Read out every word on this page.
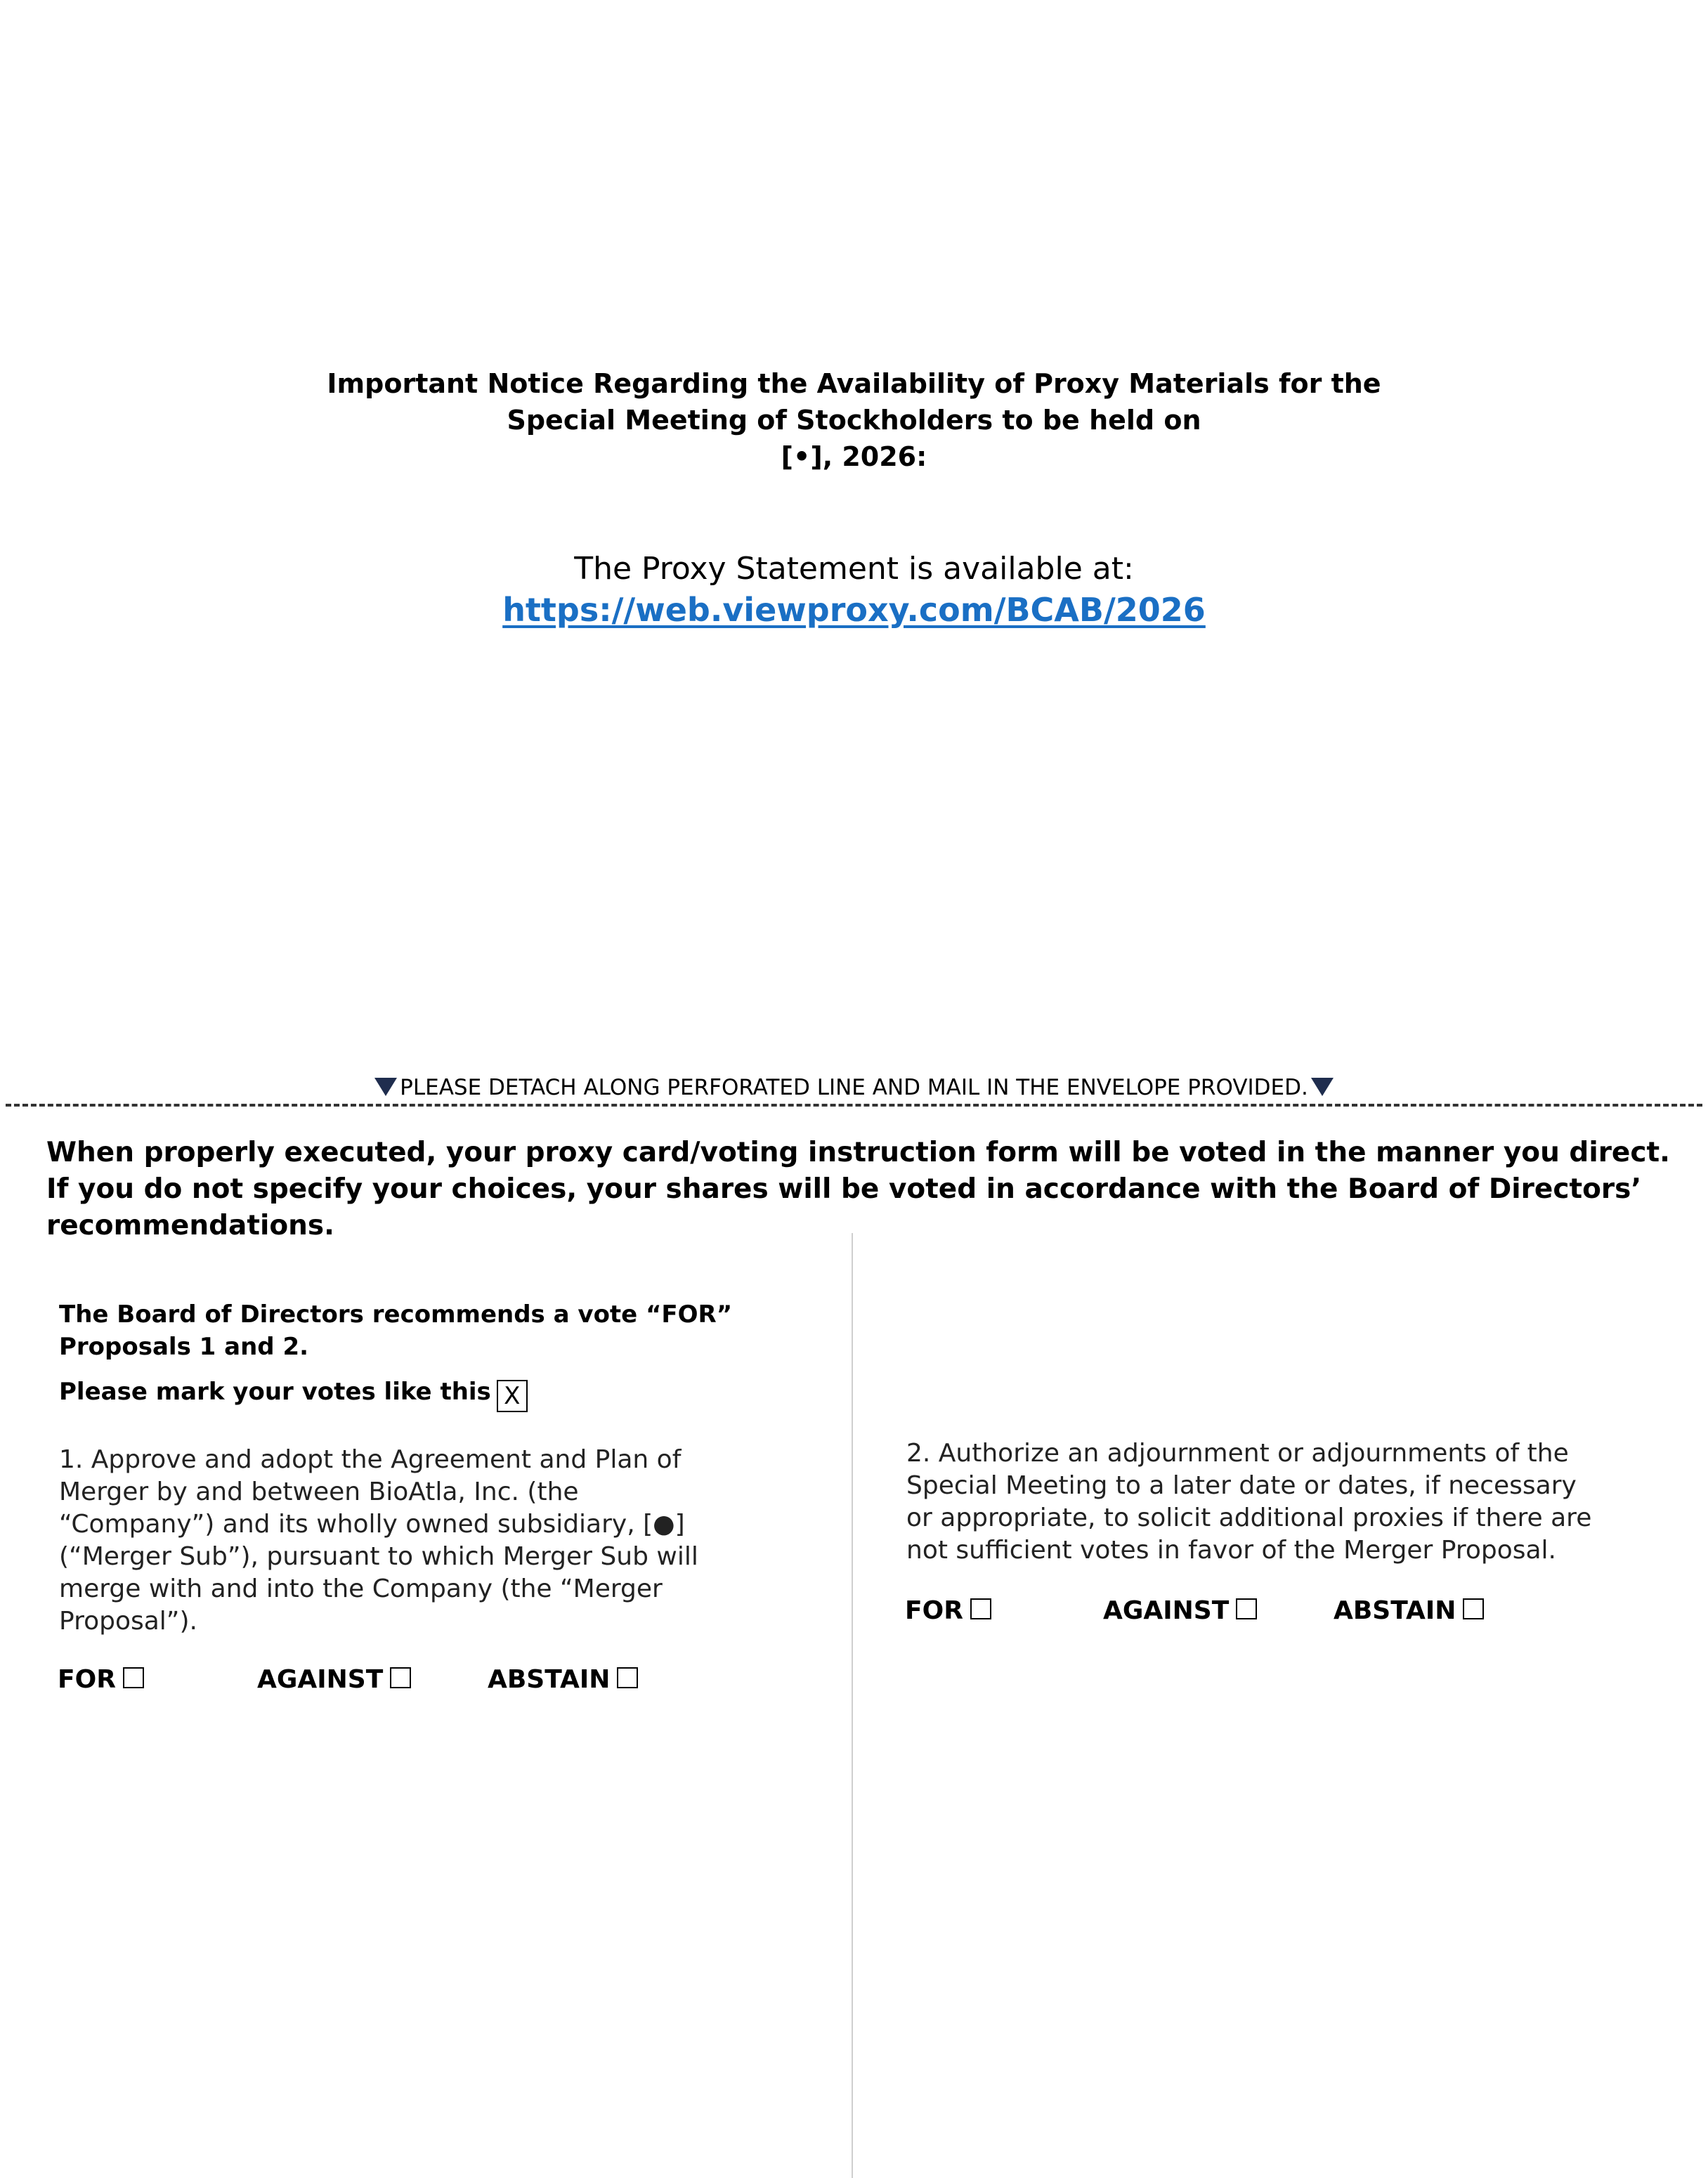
Important Notice Regarding the Availability of Proxy Materials for the
Special Meeting of Stockholders to be held on
[•], 2026:
The Proxy Statement is available at:
https://web.viewproxy.com/BCAB/2026
PLEASE DETACH ALONG PERFORATED LINE AND MAIL IN THE ENVELOPE PROVIDED.
When properly executed, your proxy card/voting instruction form will be voted in the manner you direct.
If you do not specify your choices, your shares will be voted in accordance with the Board of Directors’
recommendations.
The Board of Directors recommends a vote “FOR”
Proposals 1 and 2.
Please mark your votes like this X
1. Approve and adopt the Agreement and Plan of
Merger by and between BioAtla, Inc. (the
“Company”) and its wholly owned subsidiary, [●]
(“Merger Sub”), pursuant to which Merger Sub will
merge with and into the Company (the “Merger
Proposal”).
FOR	AGAINST	ABSTAIN
2. Authorize an adjournment or adjournments of the
Special Meeting to a later date or dates, if necessary
or appropriate, to solicit additional proxies if there are
not sufficient votes in favor of the Merger Proposal.
FOR	AGAINST	ABSTAIN
